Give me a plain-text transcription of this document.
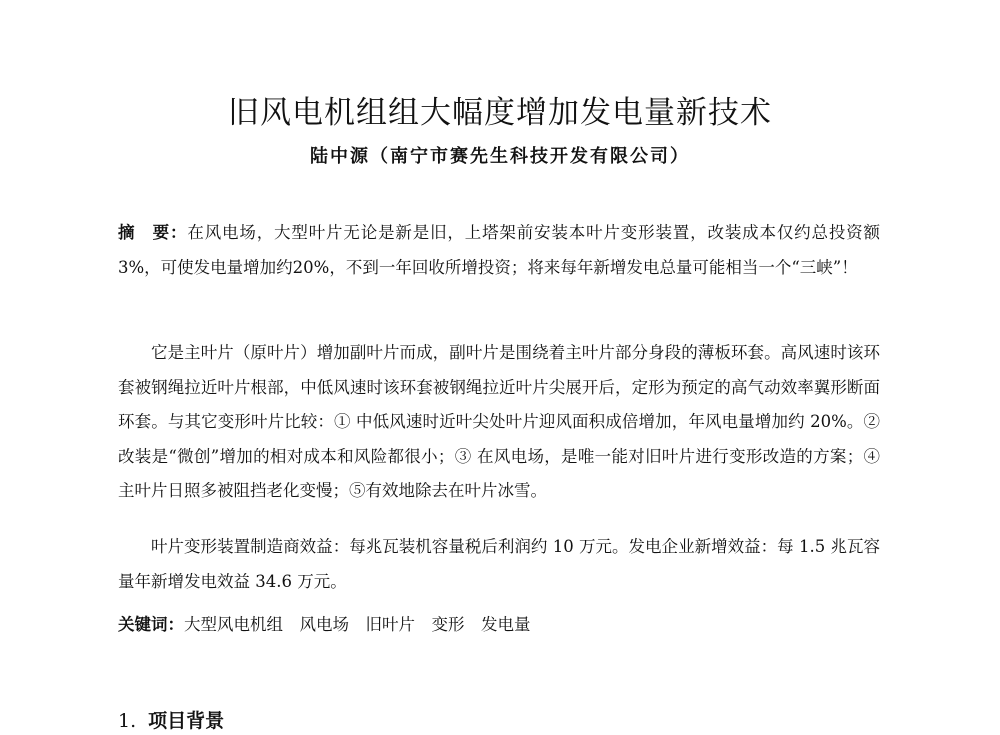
旧风电机组组大幅度增加发电量新技术
陆中源（南宁市赛先生科技开发有限公司）
摘　要：在风电场，大型叶片无论是新是旧，上塔架前安装本叶片变形装置，改装成本仅约总投资额3%，可使发电量增加约20%，不到一年回收所增投资；将来每年新增发电总量可能相当一个“三峡”！
它是主叶片（原叶片）增加副叶片而成，副叶片是围绕着主叶片部分身段的薄板环套。高风速时该环套被钢绳拉近叶片根部，中低风速时该环套被钢绳拉近叶片尖展开后，定形为预定的高气动效率翼形断面环套。与其它变形叶片比较：① 中低风速时近叶尖处叶片迎风面积成倍增加，年风电量增加约 20%。② 改装是“微创”增加的相对成本和风险都很小；③ 在风电场，是唯一能对旧叶片进行变形改造的方案；④ 主叶片日照多被阻挡老化变慢；⑤有效地除去在叶片冰雪。
叶片变形装置制造商效益：每兆瓦装机容量税后利润约 10 万元。发电企业新增效益：每 1.5 兆瓦容量年新增发电效益 34.6 万元。
关键词：大型风电机组　风电场　旧叶片　变形　发电量
1. 项目背景
